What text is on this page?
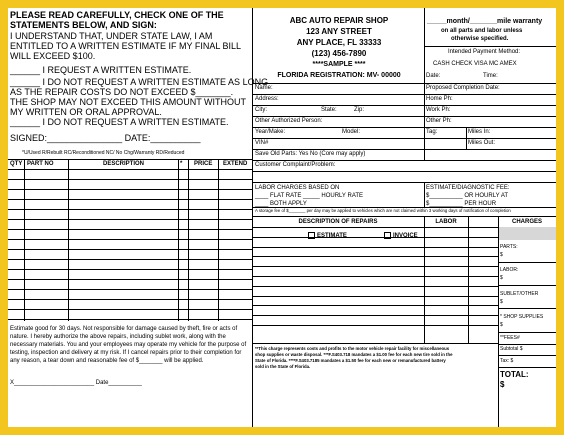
PLEASE READ CAREFULLY, CHECK ONE OF THE
STATEMENTS BELOW, AND SIGN:
I UNDERSTAND THAT, UNDER STATE LAW, I AM
ENTITLED TO A WRITTEN ESTIMATE IF MY FINAL BILL
WILL EXCEED $100.
______ I REQUEST A WRITTEN ESTIMATE.
______ I DO NOT REQUEST A WRITTEN ESTIMATE AS LONG
AS THE REPAIR COSTS DO NOT EXCEED $_______.
THE SHOP MAY NOT EXCEED THIS AMOUNT WITHOUT
MY WRITTEN OR ORAL APPROVAL.
______ I DO NOT REQUEST A WRITTEN ESTIMATE.
SIGNED:_______________ DATE:__________
*U/Used R/Rebuilt RC/Reconditioned NC/ No Chg/Warranty RD/Reduced
QTY PART NO	DESCRIPTION	* PRICE EXTEND
Estimate good for 30 days. Not responsible for damage caused by theft, fire or acts of
nature. I hereby authorize the above repairs, including sublet work, along with the
necessary materials. You and your employees may operate my vehicle for the purpose of
testing, inspection and delivery at my risk. If I cancel repairs prior to their completion for
any reason, a tear down and reasonable fee of $_______ will be applied.
X________________________ Date__________
ABC AUTO REPAIR SHOP
123 ANY STREET
ANY PLACE, FL 33333
(123) 456-7890
****SAMPLE ****
FLORIDA REGISTRATION: MV- 00000
_____month/_______mile warranty
on all parts and labor unless
otherwise specified.
Intended Payment Method:
CASH CHECK VISA MC AMEX
Date:	Time:
Name:	Proposed Completion Date:
Address:	Home Ph:
City:	State:	Zip:	Work Ph:
Other Authorized Person:	Other Ph:
Year/Make:	Model:	Tag:	Miles In:
VIN#	Miles Out:
Save Old Parts: Yes No (Core may apply)
Customer Complaint/Problem:
LABOR CHARGES BASED ON
____ FLAT RATE _____ HOURLY RATE
____ BOTH APPLY
ESTIMATE/DIAGNOSTIC FEE:
$__________ OR HOURLY AT
$__________ PER HOUR
A storage fee of $_______ per day may be applied to vehicles which are not claimed within 3 working days of notification of completion
DESCRIPTION OF REPAIRS	LABOR	CHARGES
ESTIMATE	INVOICE
PARTS:
$
LABOR:
$
SUBLET/OTHER
$
* SHOP SUPPLIES
$
**FEES#
Subtotal $
Tax: $
TOTAL:
$
**This charge represents costs and profits to the motor vehicle repair facility for miscellaneous
shop supplies or waste disposal. ***F.S403.718 mandates a $1.00 fee for each new tire sold in the
State of Florida. ****F.S403.7185 mandates a $1.50 fee for each new or remanufactured battery
sold in the State of Florida.
